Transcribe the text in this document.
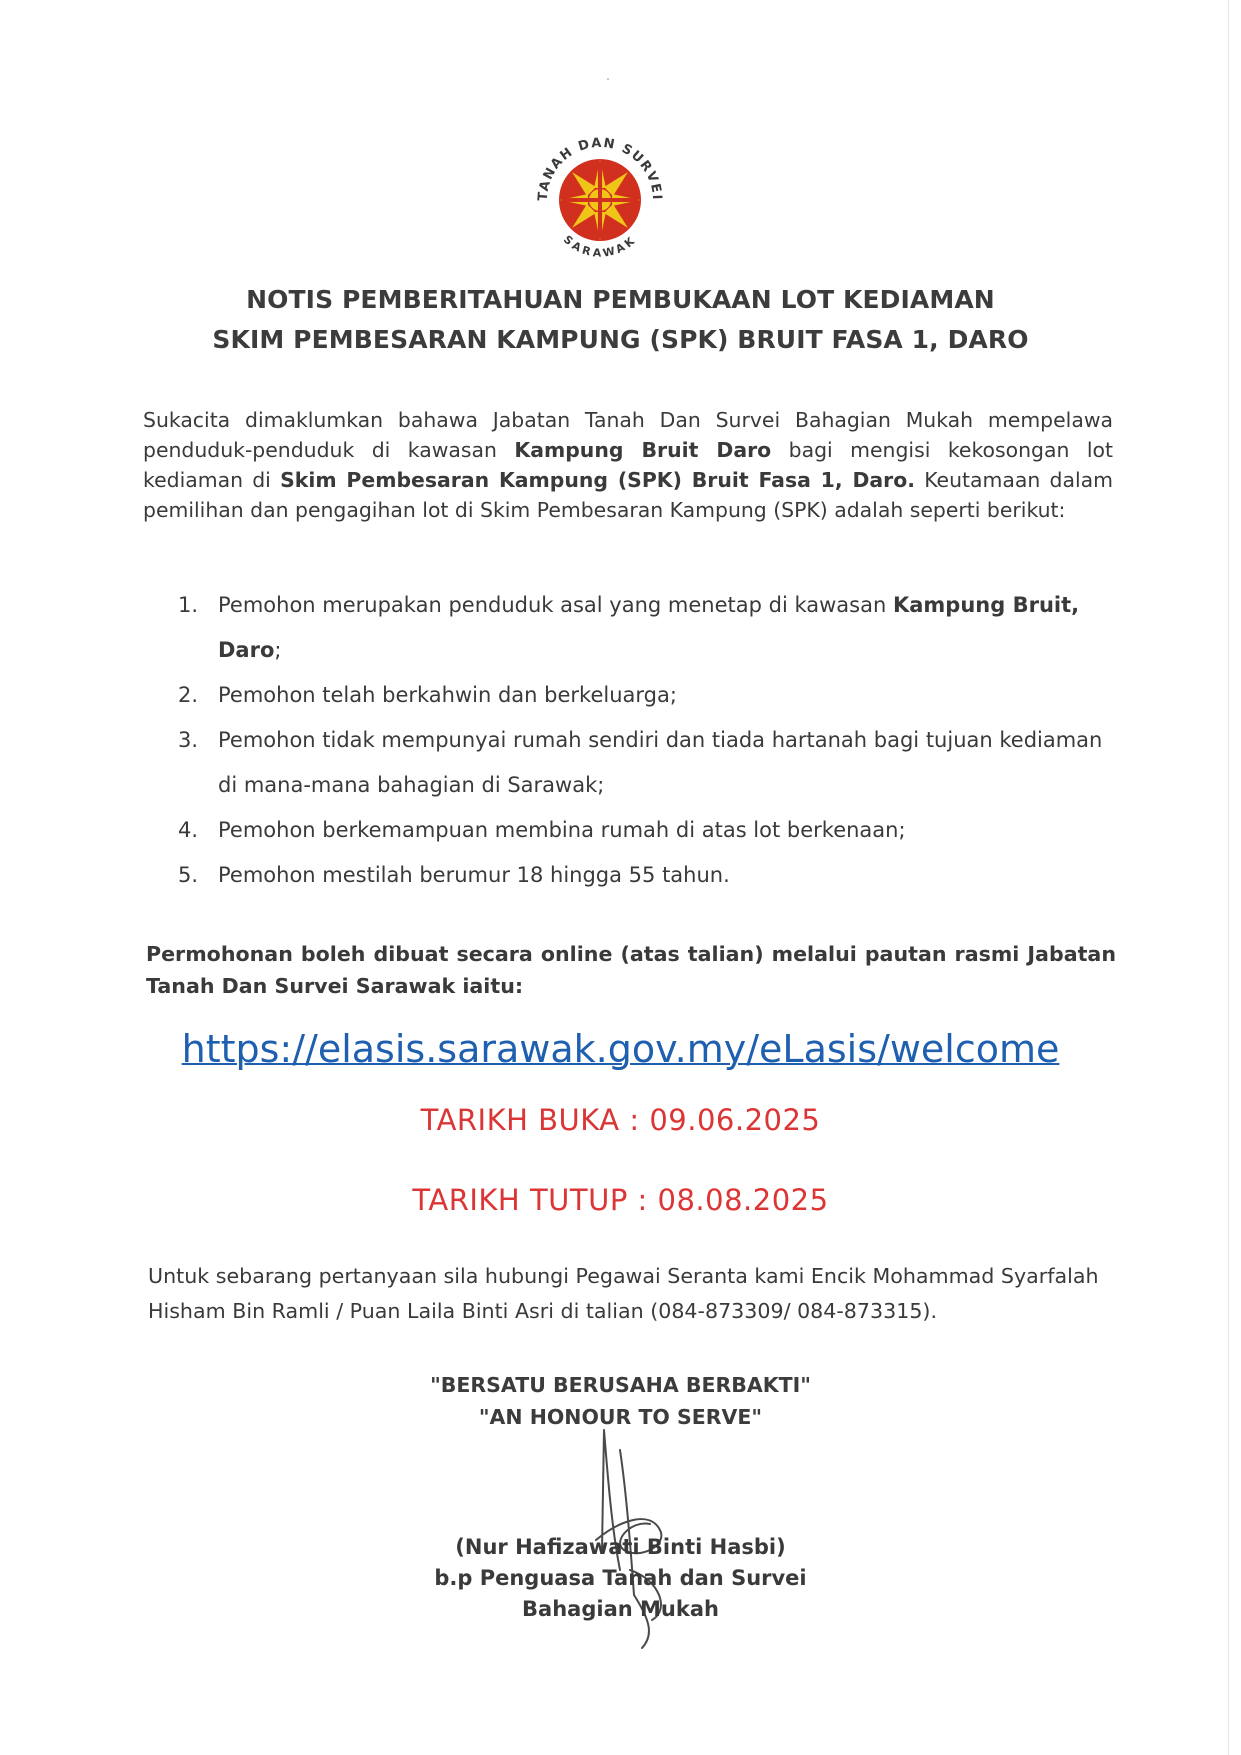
TANAH DAN SURVEI
SARAWAK
NOTIS PEMBERITAHUAN PEMBUKAAN LOT KEDIAMAN
SKIM PEMBESARAN KAMPUNG (SPK) BRUIT FASA 1, DARO
Sukacita dimaklumkan bahawa Jabatan Tanah Dan Survei Bahagian Mukah mempelawa penduduk-penduduk di kawasan Kampung Bruit Daro bagi mengisi kekosongan lot kediaman di Skim Pembesaran Kampung (SPK) Bruit Fasa 1, Daro. Keutamaan dalam pemilihan dan pengagihan lot di Skim Pembesaran Kampung (SPK) adalah seperti berikut:
1. Pemohon merupakan penduduk asal yang menetap di kawasan Kampung Bruit, Daro;
2. Pemohon telah berkahwin dan berkeluarga;
3. Pemohon tidak mempunyai rumah sendiri dan tiada hartanah bagi tujuan kediaman di mana-mana bahagian di Sarawak;
4. Pemohon berkemampuan membina rumah di atas lot berkenaan;
5. Pemohon mestilah berumur 18 hingga 55 tahun.
Permohonan boleh dibuat secara online (atas talian) melalui pautan rasmi Jabatan Tanah Dan Survei Sarawak iaitu:
https://elasis.sarawak.gov.my/eLasis/welcome
TARIKH BUKA : 09.06.2025
TARIKH TUTUP : 08.08.2025
Untuk sebarang pertanyaan sila hubungi Pegawai Seranta kami Encik Mohammad Syarfalah Hisham Bin Ramli / Puan Laila Binti Asri di talian (084-873309/ 084-873315).
"BERSATU BERUSAHA BERBAKTI"
"AN HONOUR TO SERVE"
(Nur Hafizawati Binti Hasbi)
b.p Penguasa Tanah dan Survei
Bahagian Mukah
